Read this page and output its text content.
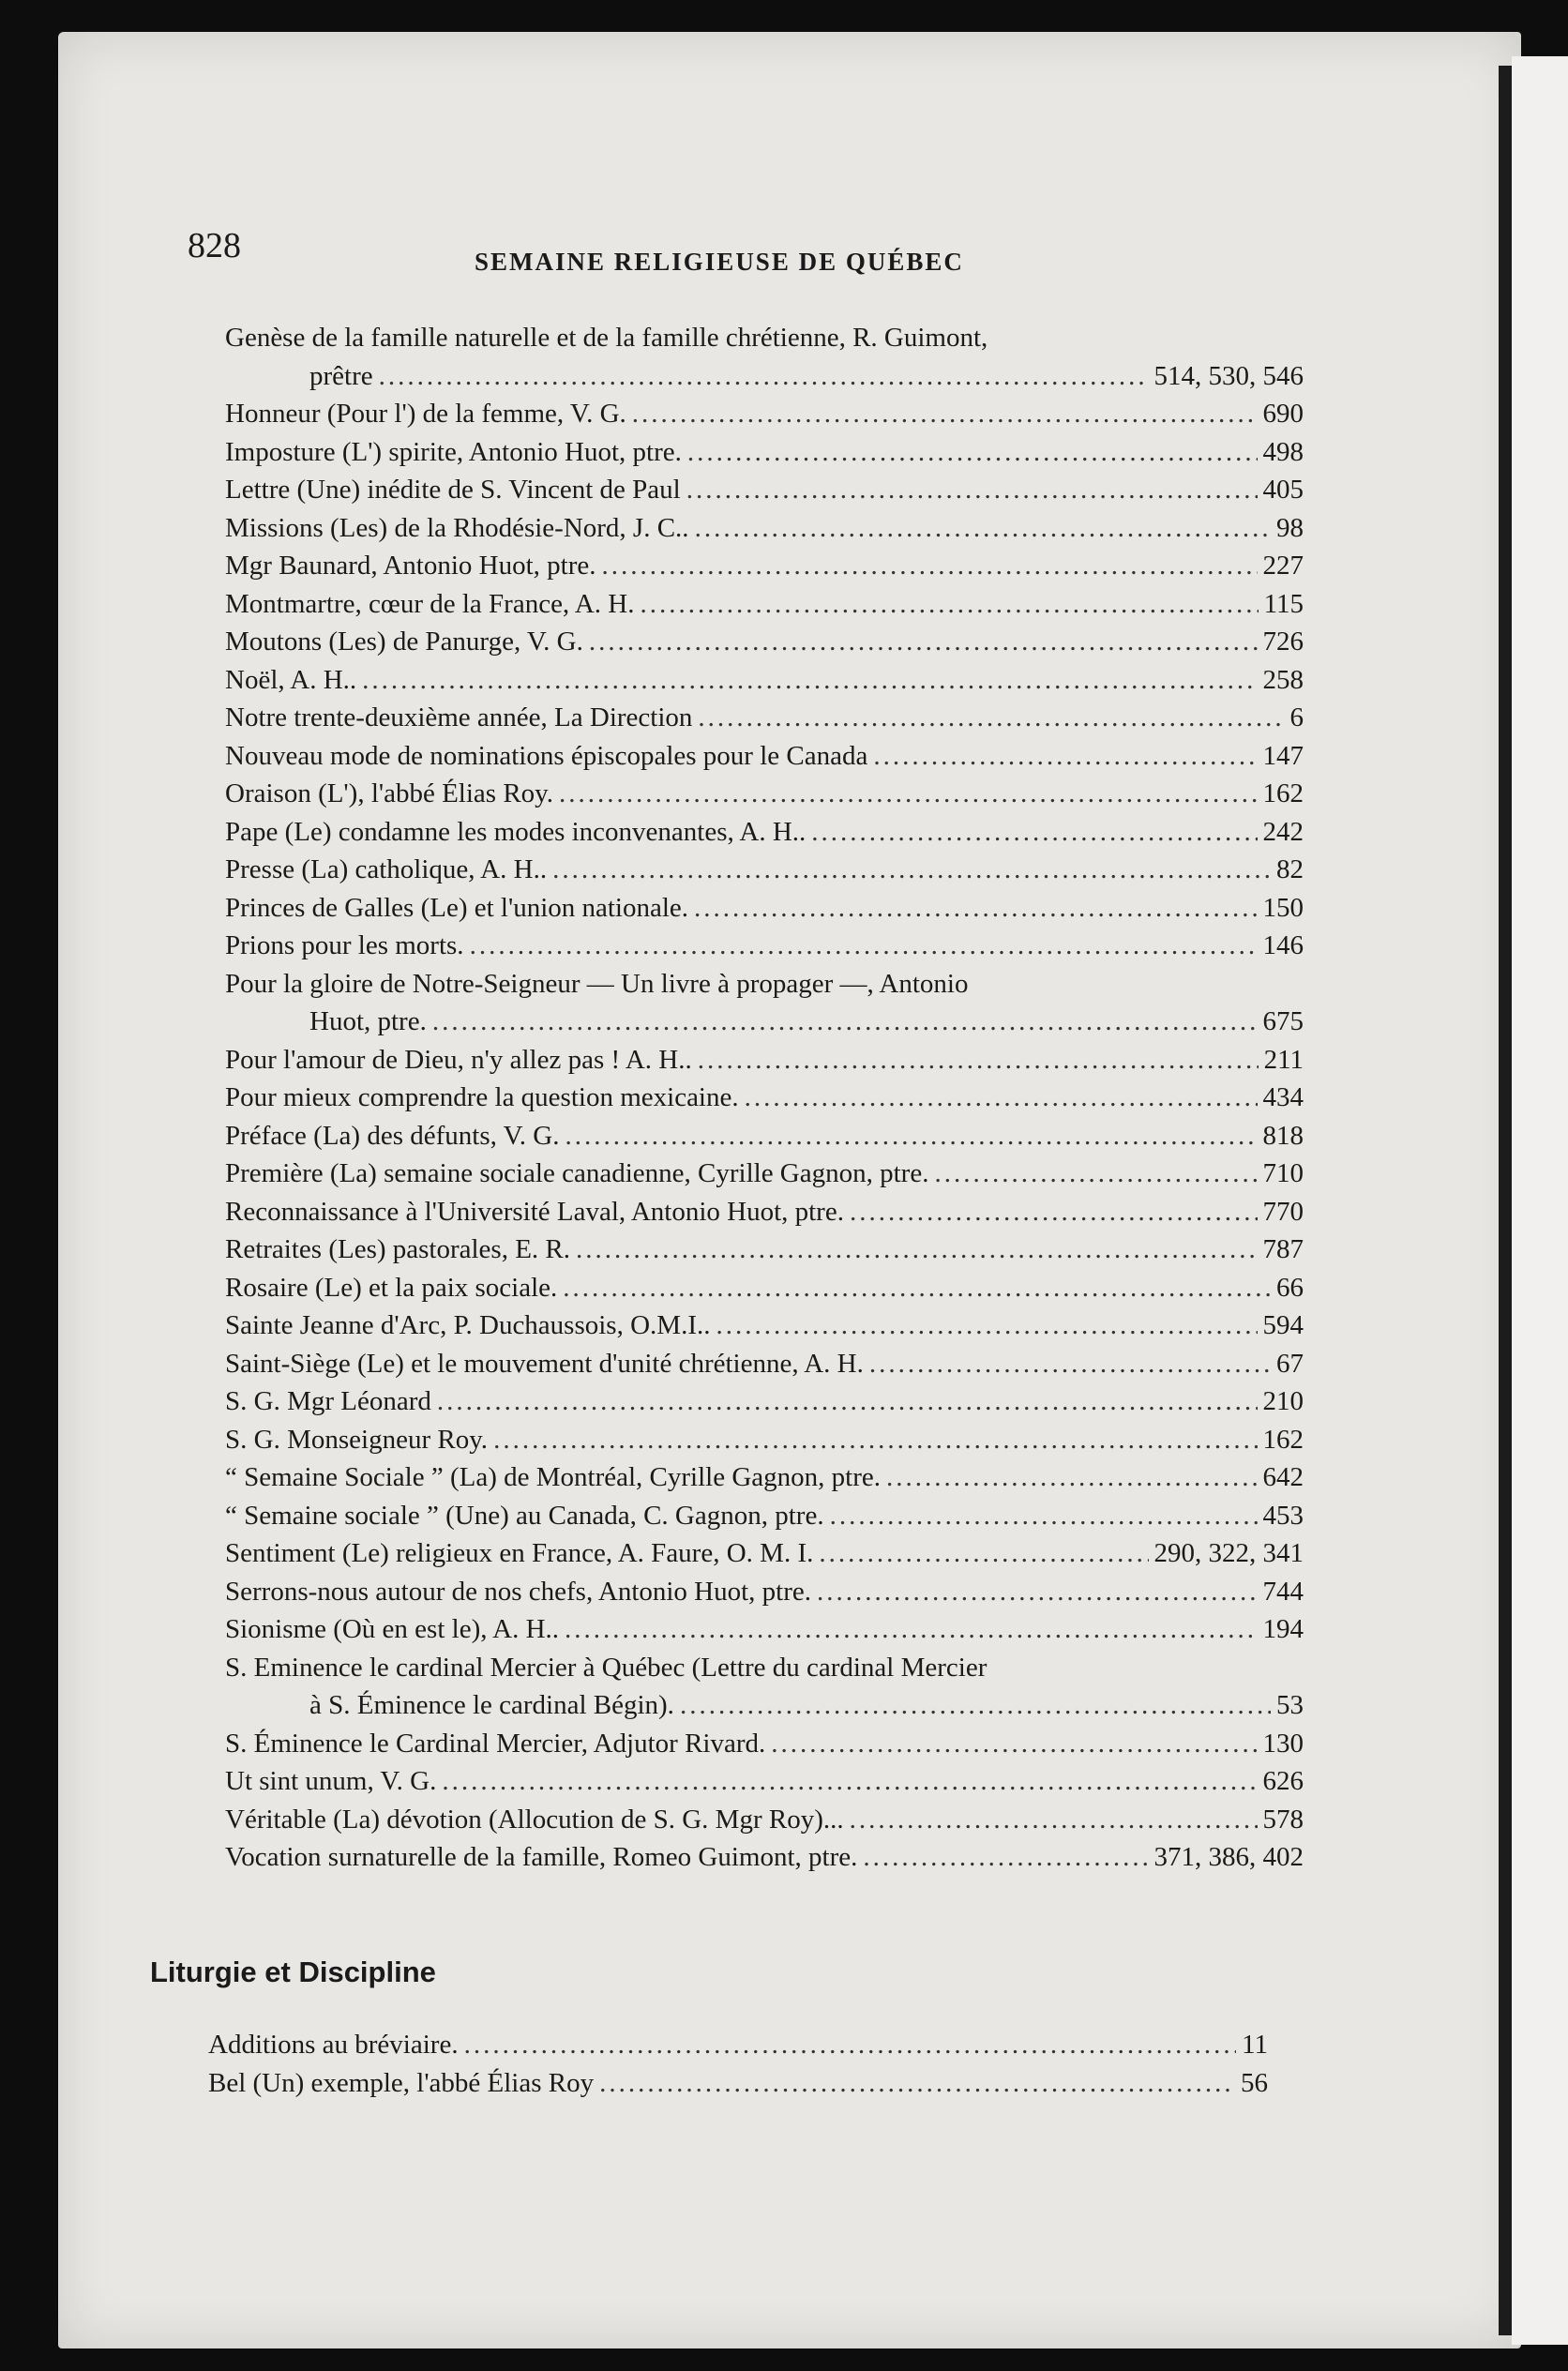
828	SEMAINE RELIGIEUSE DE QUÉBEC
Genèse de la famille naturelle et de la famille chrétienne, R. Guimont,
prêtre .....	514, 530, 546
Honneur (Pour l') de la femme, V. G. .....	690
Imposture (L') spirite, Antonio Huot, ptre. .....	498
Lettre (Une) inédite de S. Vincent de Paul .....	405
Missions (Les) de la Rhodésie-Nord, J. C.. .....	98
Mgr Baunard, Antonio Huot, ptre. .....	227
Montmartre, cœur de la France, A. H. .....	115
Moutons (Les) de Panurge, V. G. .....	726
Noël, A. H.. .....	258
Notre trente-deuxième année, La Direction .....	6
Nouveau mode de nominations épiscopales pour le Canada .....	147
Oraison (L'), l'abbé Élias Roy. .....	162
Pape (Le) condamne les modes inconvenantes, A. H.. .....	242
Presse (La) catholique, A. H.. .....	82
Princes de Galles (Le) et l'union nationale. .....	150
Prions pour les morts. .....	146
Pour la gloire de Notre-Seigneur — Un livre à propager —, Antonio
Huot, ptre. .....	675
Pour l'amour de Dieu, n'y allez pas ! A. H.. .....	211
Pour mieux comprendre la question mexicaine. .....	434
Préface (La) des défunts, V. G. .....	818
Première (La) semaine sociale canadienne, Cyrille Gagnon, ptre. .....	710
Reconnaissance à l'Université Laval, Antonio Huot, ptre. .....	770
Retraites (Les) pastorales, E. R. .....	787
Rosaire (Le) et la paix sociale. .....	66
Sainte Jeanne d'Arc, P. Duchaussois, O.M.I.. .....	594
Saint-Siège (Le) et le mouvement d'unité chrétienne, A. H. .....	67
S. G. Mgr Léonard .....	210
S. G. Monseigneur Roy. .....	162
“ Semaine Sociale ” (La) de Montréal, Cyrille Gagnon, ptre. .....	642
“ Semaine sociale ” (Une) au Canada, C. Gagnon, ptre. .....	453
Sentiment (Le) religieux en France, A. Faure, O. M. I. .....	290, 322, 341
Serrons-nous autour de nos chefs, Antonio Huot, ptre. .....	744
Sionisme (Où en est le), A. H.. .....	194
S. Eminence le cardinal Mercier à Québec (Lettre du cardinal Mercier
à S. Éminence le cardinal Bégin). .....	53
S. Éminence le Cardinal Mercier, Adjutor Rivard. .....	130
Ut sint unum, V. G. .....	626
Véritable (La) dévotion (Allocution de S. G. Mgr Roy)... .....	578
Vocation surnaturelle de la famille, Romeo Guimont, ptre. .....	371, 386, 402
Liturgie et Discipline
Additions au bréviaire. .....	11
Bel (Un) exemple, l'abbé Élias Roy .....	56
